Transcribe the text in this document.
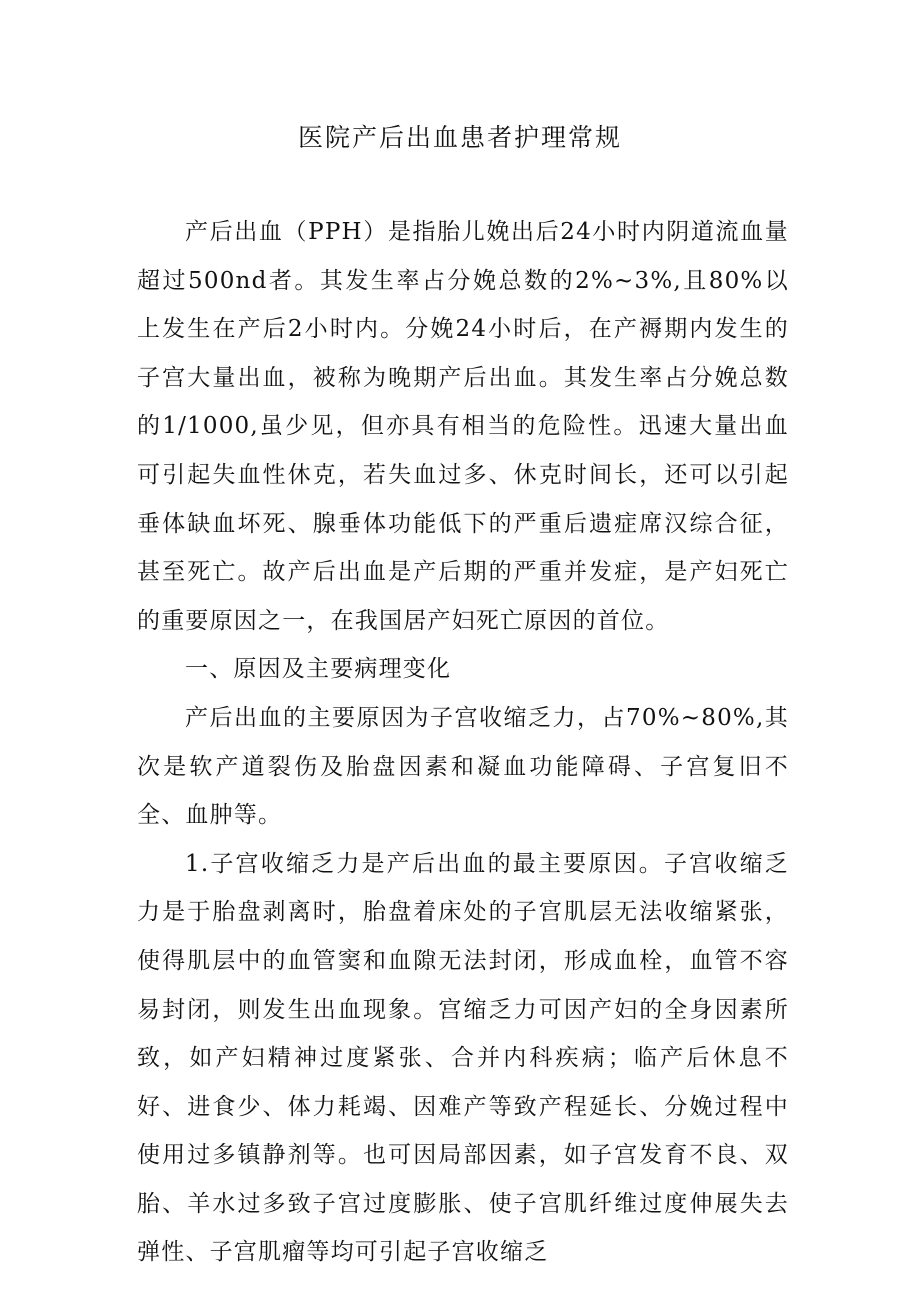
医院产后出血患者护理常规

产后出血（PPH）是指胎儿娩出后24小时内阴道流血量超过500nd者。其发生率占分娩总数的2%~3%,且80%以上发生在产后2小时内。分娩24小时后，在产褥期内发生的子宫大量出血，被称为晚期产后出血。其发生率占分娩总数的1/1000,虽少见，但亦具有相当的危险性。迅速大量出血可引起失血性休克，若失血过多、休克时间长，还可以引起垂体缺血坏死、腺垂体功能低下的严重后遗症席汉综合征，甚至死亡。故产后出血是产后期的严重并发症，是产妇死亡的重要原因之一，在我国居产妇死亡原因的首位。

一、原因及主要病理变化

产后出血的主要原因为子宫收缩乏力，占70%~80%,其次是软产道裂伤及胎盘因素和凝血功能障碍、子宫复旧不全、血肿等。

1.子宫收缩乏力是产后出血的最主要原因。子宫收缩乏力是于胎盘剥离时，胎盘着床处的子宫肌层无法收缩紧张，使得肌层中的血管窦和血隙无法封闭，形成血栓，血管不容易封闭，则发生出血现象。宫缩乏力可因产妇的全身因素所致，如产妇精神过度紧张、合并内科疾病；临产后休息不好、进食少、体力耗竭、因难产等致产程延长、分娩过程中使用过多镇静剂等。也可因局部因素，如子宫发育不良、双胎、羊水过多致子宫过度膨胀、使子宫肌纤维过度伸展失去弹性、子宫肌瘤等均可引起子宫收缩乏
